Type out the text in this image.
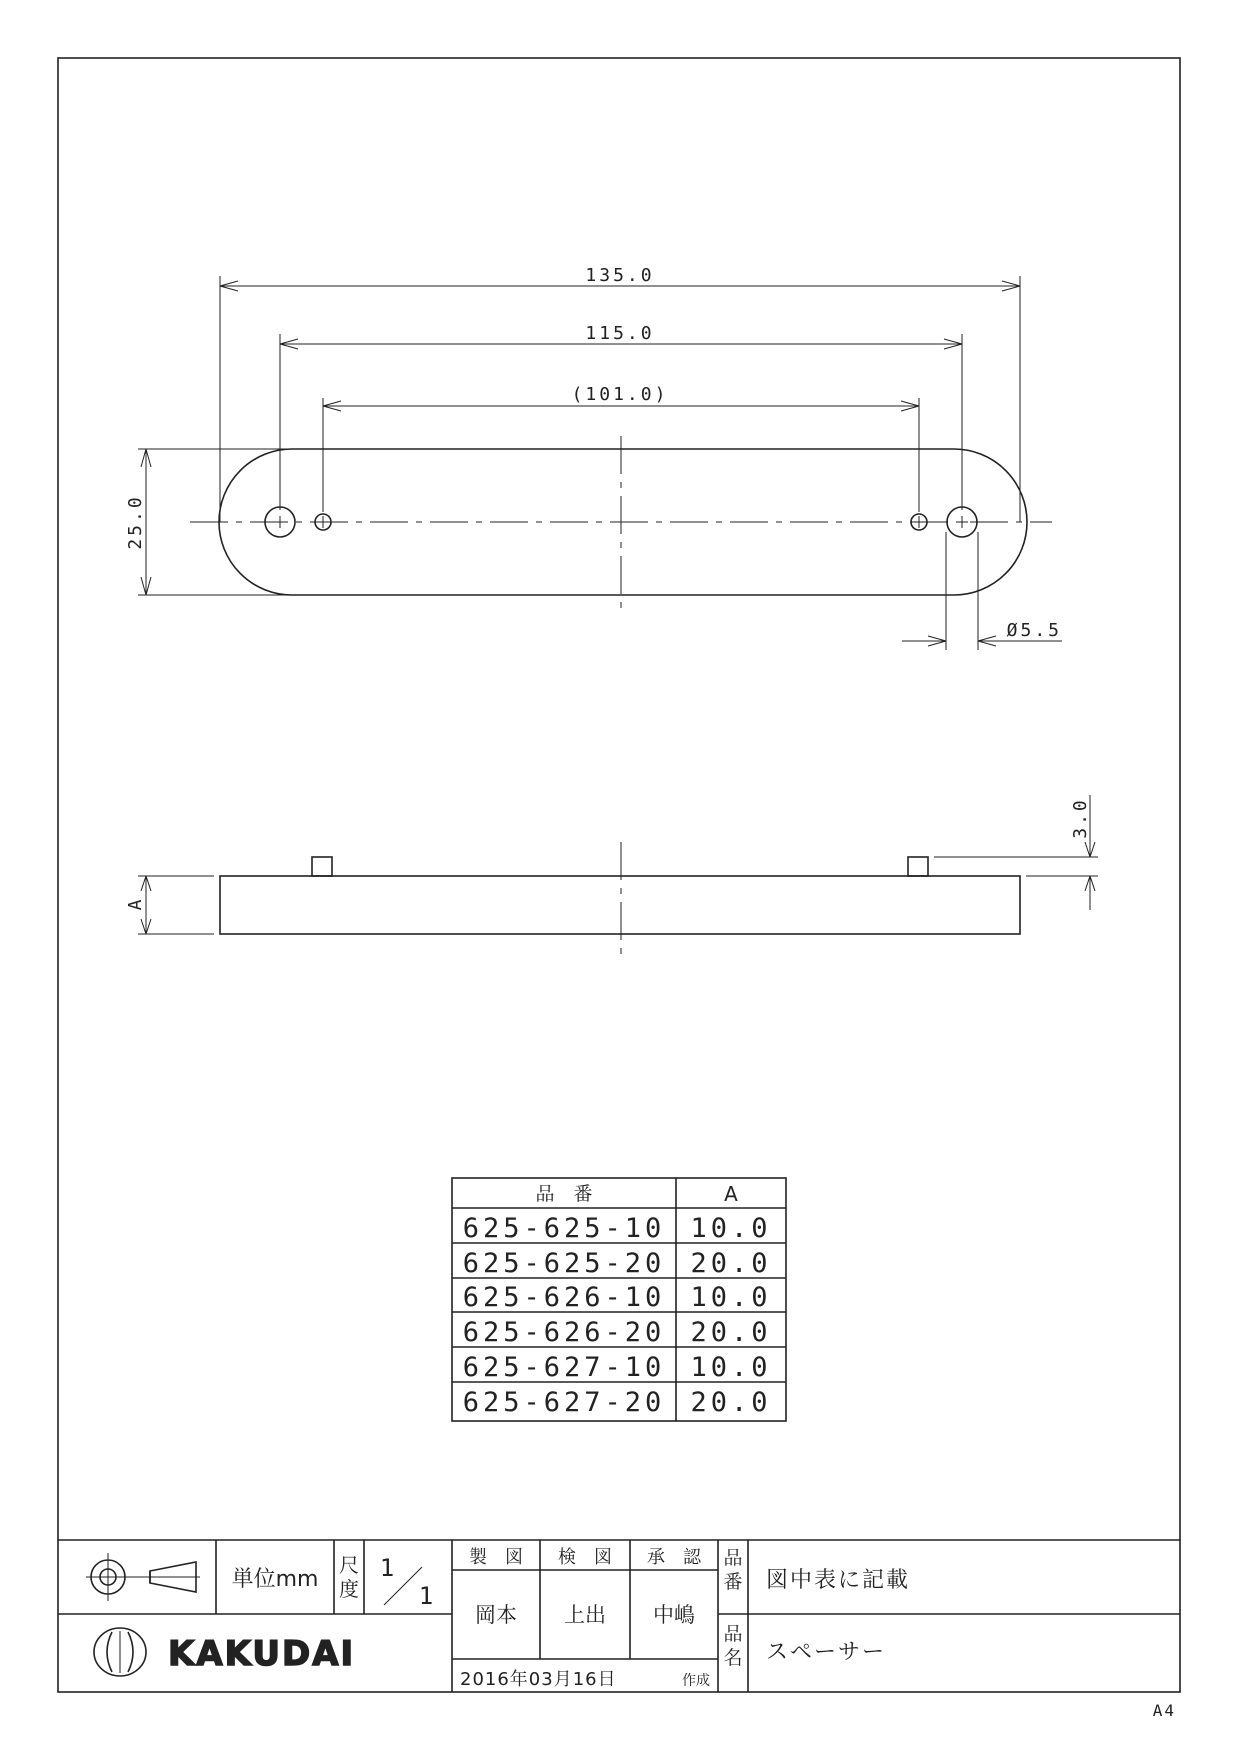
135.0
115.0
(101.0)
25.0
Ø5.5
A
3.0
品　番	A
625-625-10 10.0
625-625-20 20.0
625-626-10 10.0
625-626-20 20.0
625-627-10 10.0
625-627-20 20.0
単位mm
尺度
1
1
製　図 検　図 承　認
岡本 上出 中嶋
品番
品名
図中表に記載
スペーサー
2016年03月16日	作成
KAKUDAI
A4
